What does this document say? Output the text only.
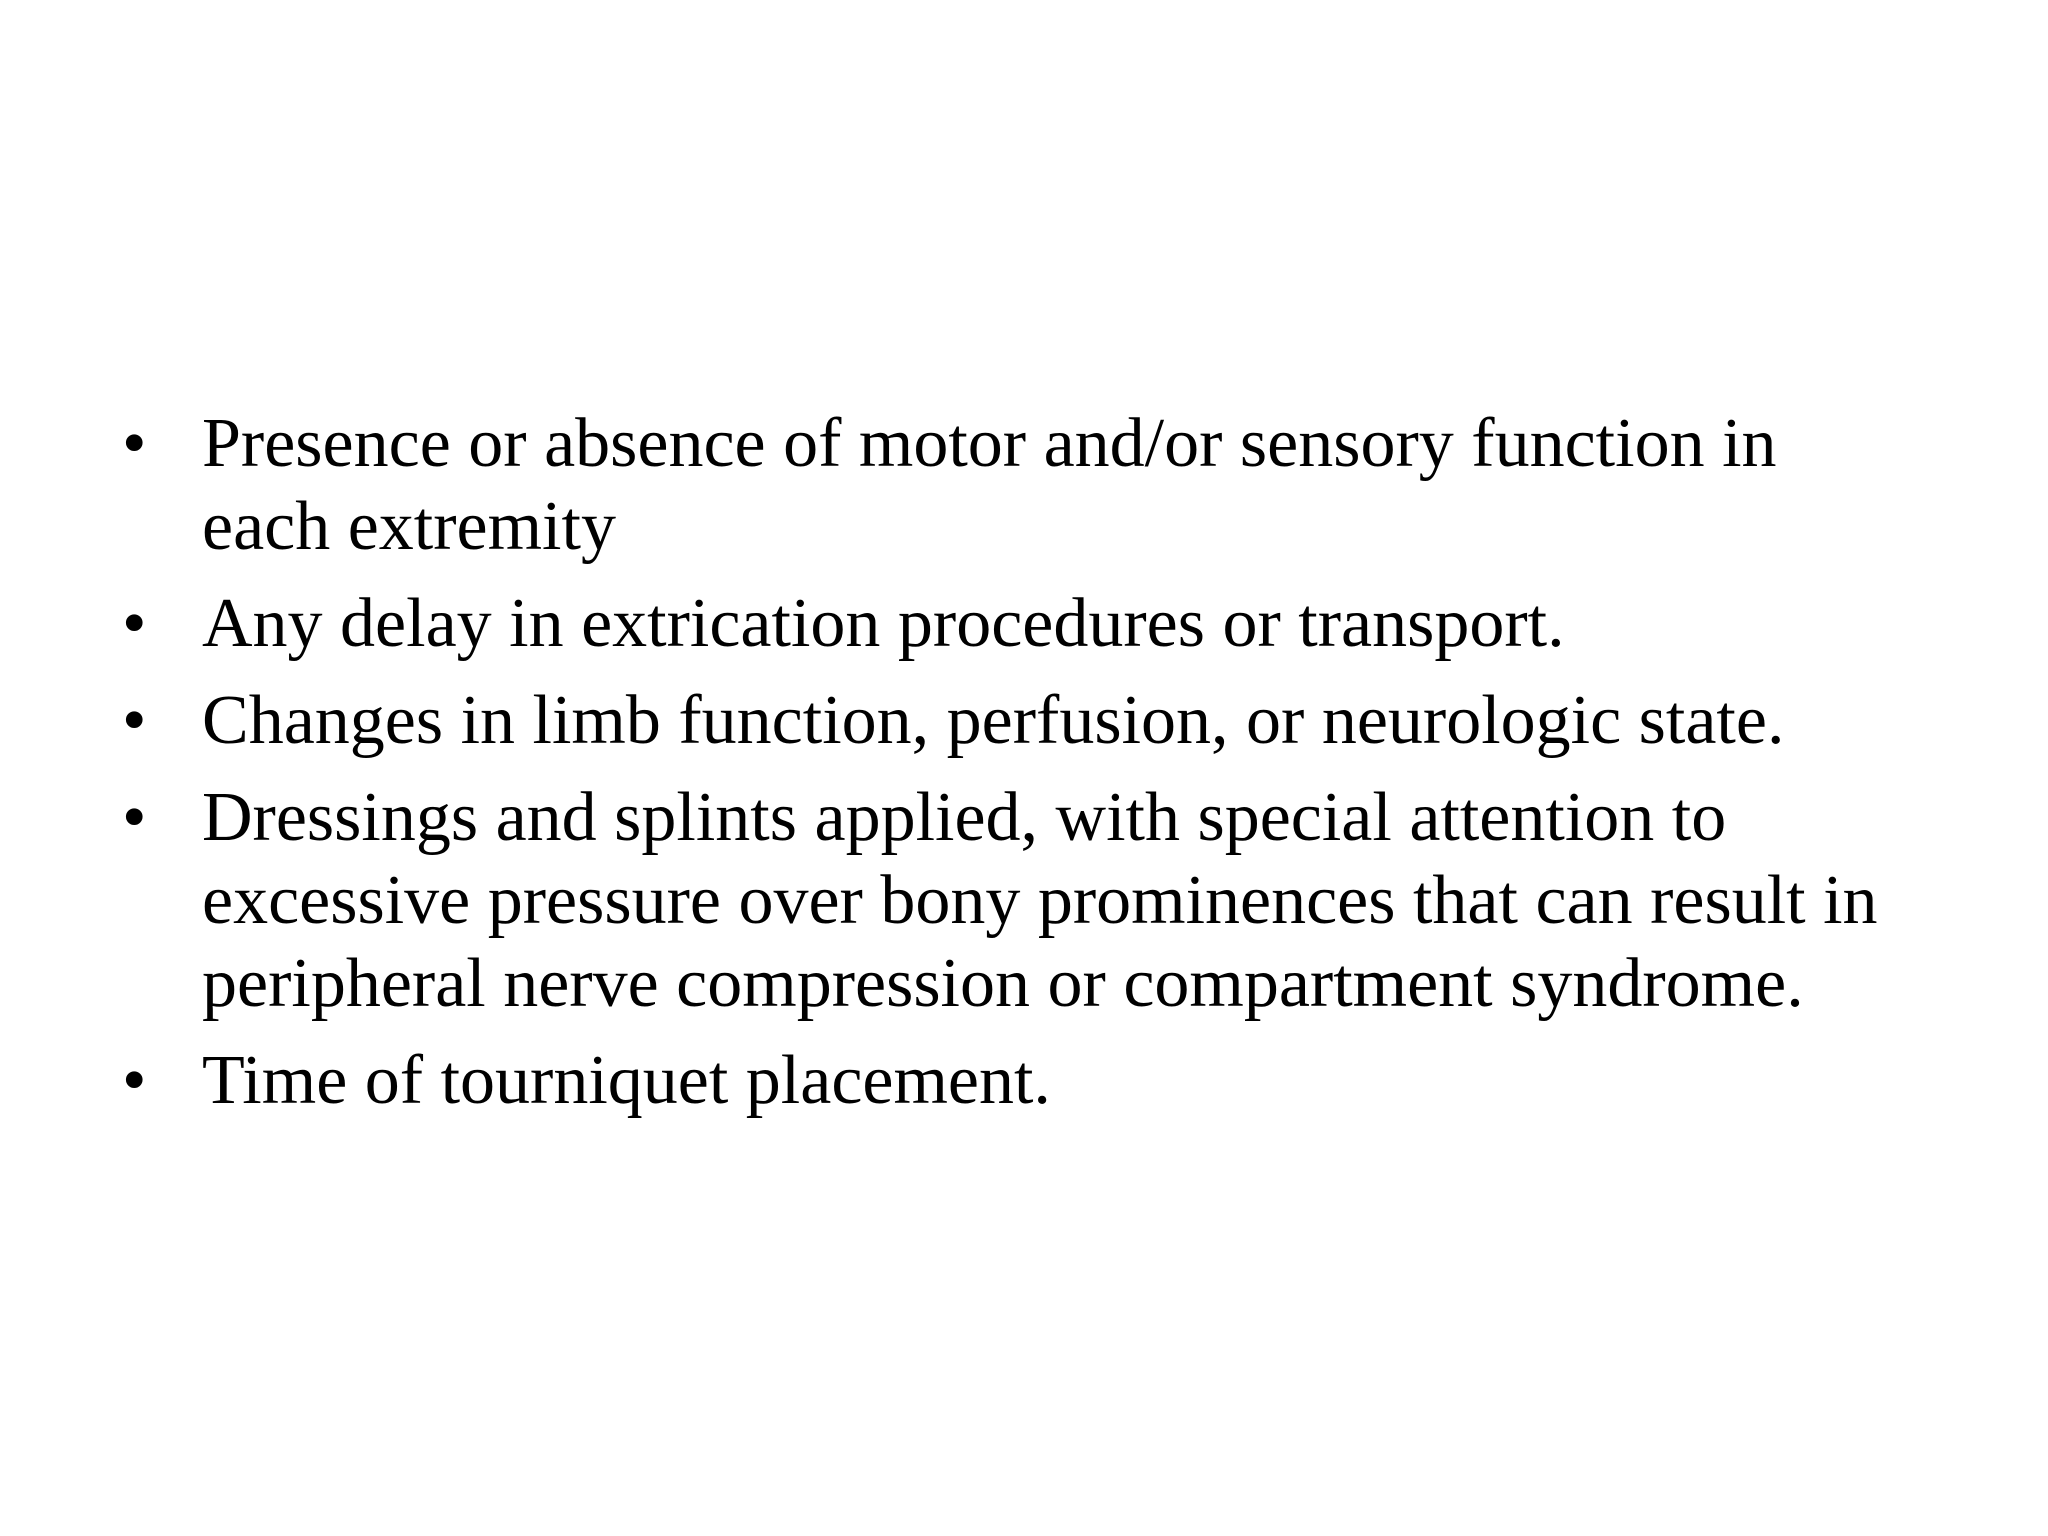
• Presence or absence of motor and/or sensory function in each extremity
• Any delay in extrication procedures or transport.
• Changes in limb function, perfusion, or neurologic state.
• Dressings and splints applied, with special attention to excessive pressure over bony prominences that can result in peripheral nerve compression or compartment syndrome.
• Time of tourniquet placement.
